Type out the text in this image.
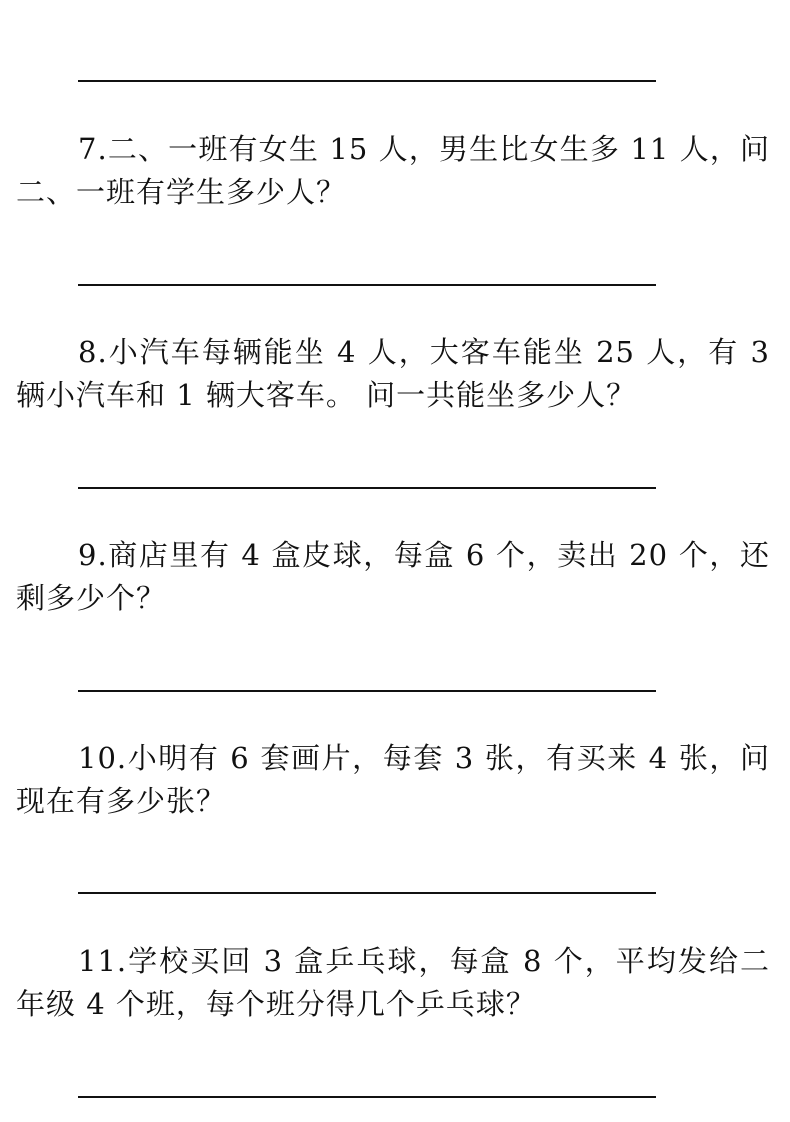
7.二、一班有女生 15 人，男生比女生多 11 人，问二、一班有学生多少人？

8.小汽车每辆能坐 4 人，大客车能坐 25 人，有 3 辆小汽车和 1 辆大客车。 问一共能坐多少人？

9.商店里有 4 盒皮球，每盒 6 个，卖出 20 个，还剩多少个？

10.小明有 6 套画片，每套 3 张，有买来 4 张，问现在有多少张？

11.学校买回 3 盒乒乓球，每盒 8 个，平均发给二年级 4 个班，每个班分得几个乒乓球？
